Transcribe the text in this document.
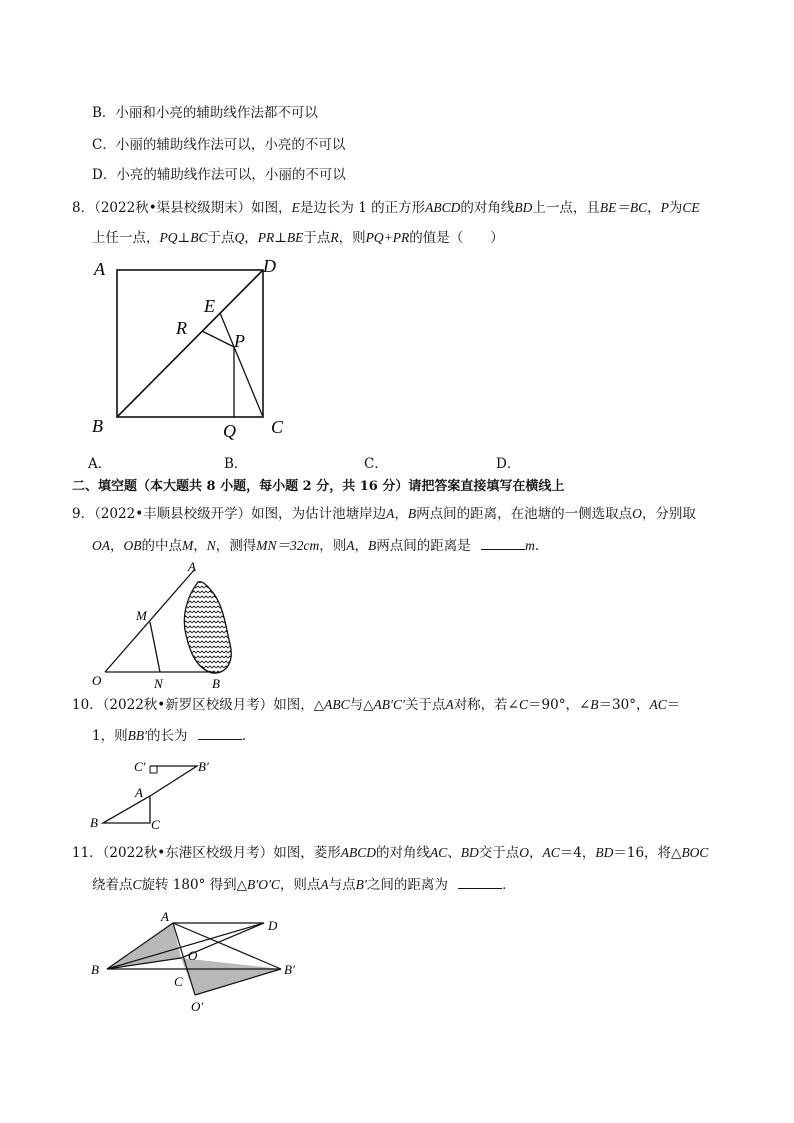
B．小丽和小亮的辅助线作法都不可以
C．小丽的辅助线作法可以，小亮的不可以
D．小亮的辅助线作法可以，小丽的不可以
8．（2022秋•渠县校级期末）如图，E是边长为 1 的正方形ABCD的对角线BD上一点，且BE＝BC，P为CE
上任一点，PQ⊥BC于点Q，PR⊥BE于点R，则PQ+PR的值是（　　）
A	D
B	C
E
R
P
Q
A．	B．	C．	D．
二、填空题（本大题共 8 小题，每小题 2 分，共 16 分）请把答案直接填写在横线上
9．（2022•丰顺县校级开学）如图，为估计池塘岸边A，B两点间的距离，在池塘的一侧选取点O，分别取
OA，OB的中点M，N，测得MN＝32cm，则A，B两点间的距离是	m．
A
M
O	N	B
10．（2022秋•新罗区校级月考）如图，△ABC与△AB′C′关于点A对称，若∠C＝90°，∠B＝30°，AC＝
1，则BB′的长为	．
C′	B′
A
B	C
11．（2022秋•东港区校级月考）如图，菱形ABCD的对角线AC、BD交于点O，AC＝4，BD＝16，将△BOC
绕着点C旋转 180° 得到△B′O′C，则点A与点B′之间的距离为	．
A
D
B
O
C
B′
O′
